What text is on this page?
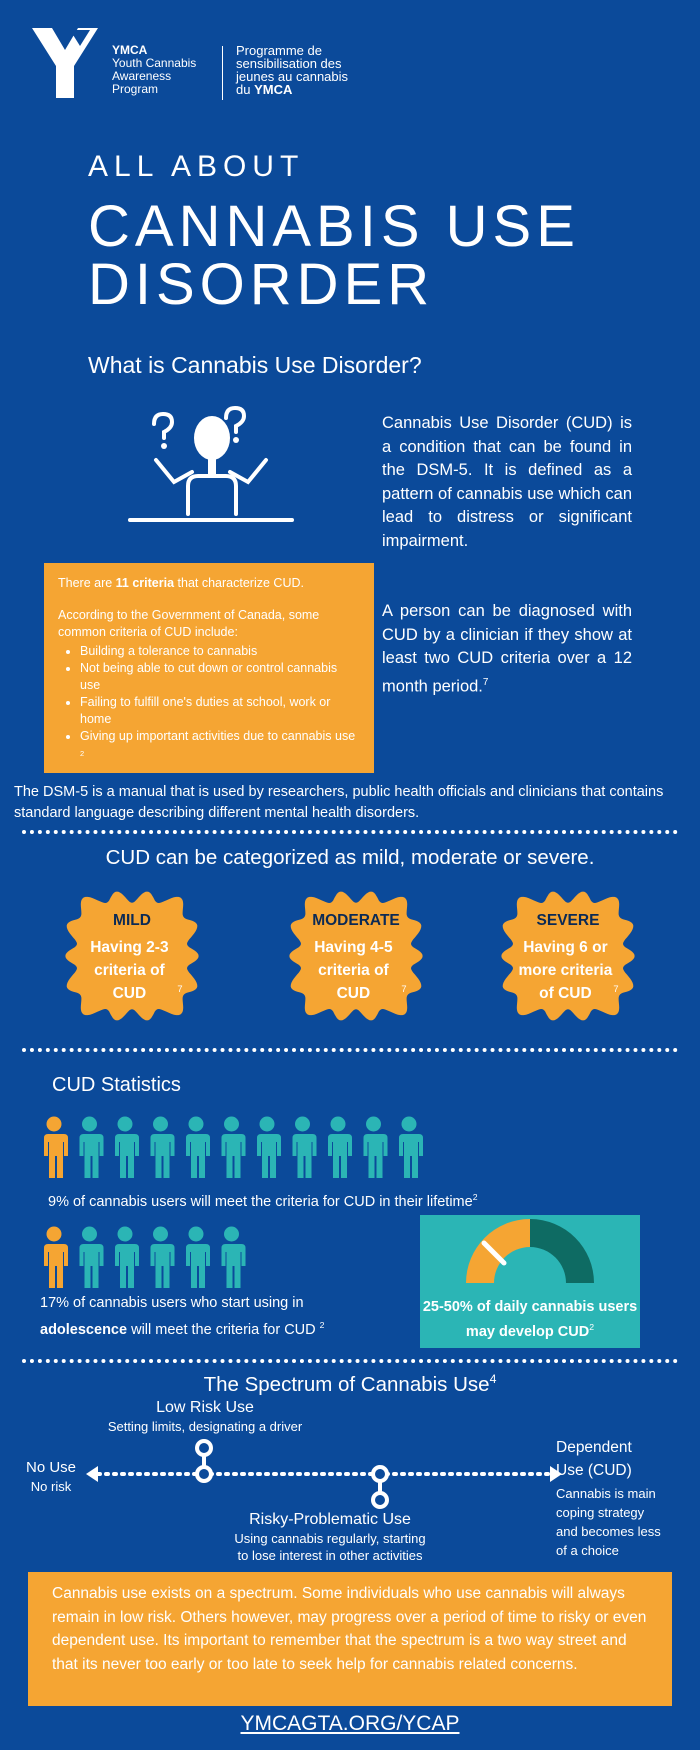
YMCA
Youth Cannabis
Awareness
Program
Programme de
sensibilisation des
jeunes au cannabis
du YMCA
ALL ABOUT
CANNABIS USE
DISORDER
What is Cannabis Use Disorder?
Cannabis Use Disorder (CUD) is a condition that can be found in the DSM-5. It is defined as a pattern of cannabis use which can lead to distress or significant impairment.
A person can be diagnosed with CUD by a clinician if they show at least two CUD criteria over a 12 month period.$^7$
There are 11 criteria that characterize CUD.
According to the Government of Canada, some common criteria of CUD include:
• Building a tolerance to cannabis
• Not being able to cut down or control cannabis use
• Failing to fulfill one's duties at school, work or home
• Giving up important activities due to cannabis use $^2$
The DSM-5 is a manual that is used by researchers, public health officials and clinicians that contains standard language describing different mental health disorders.
CUD can be categorized as mild, moderate or severe.
MILD
Having 2-3 criteria of CUD	$^7$
MODERATE
Having 4-5 criteria of CUD	$^7$
SEVERE
Having 6 or more criteria of CUD $^7$
CUD Statistics
9% of cannabis users will meet the criteria for CUD in their lifetime$^2$
17% of cannabis users who start using in
adolescence will meet the criteria for CUD $^2$
25-50% of daily cannabis users may develop CUD$^2$
The Spectrum of Cannabis Use$^4$
Low Risk Use
Setting limits, designating a driver
No Use
No risk
Risky-Problematic Use
Using cannabis regularly, starting
to lose interest in other activities
Dependent
Use (CUD)
Cannabis is main
coping strategy
and becomes less
of a choice
Cannabis use exists on a spectrum. Some individuals who use cannabis will always remain in low risk. Others however, may progress over a period of time to risky or even dependent use. Its important to remember that the spectrum is a two way street and that its never too early or too late to seek help for cannabis related concerns.
YMCAGTA.ORG/YCAP
